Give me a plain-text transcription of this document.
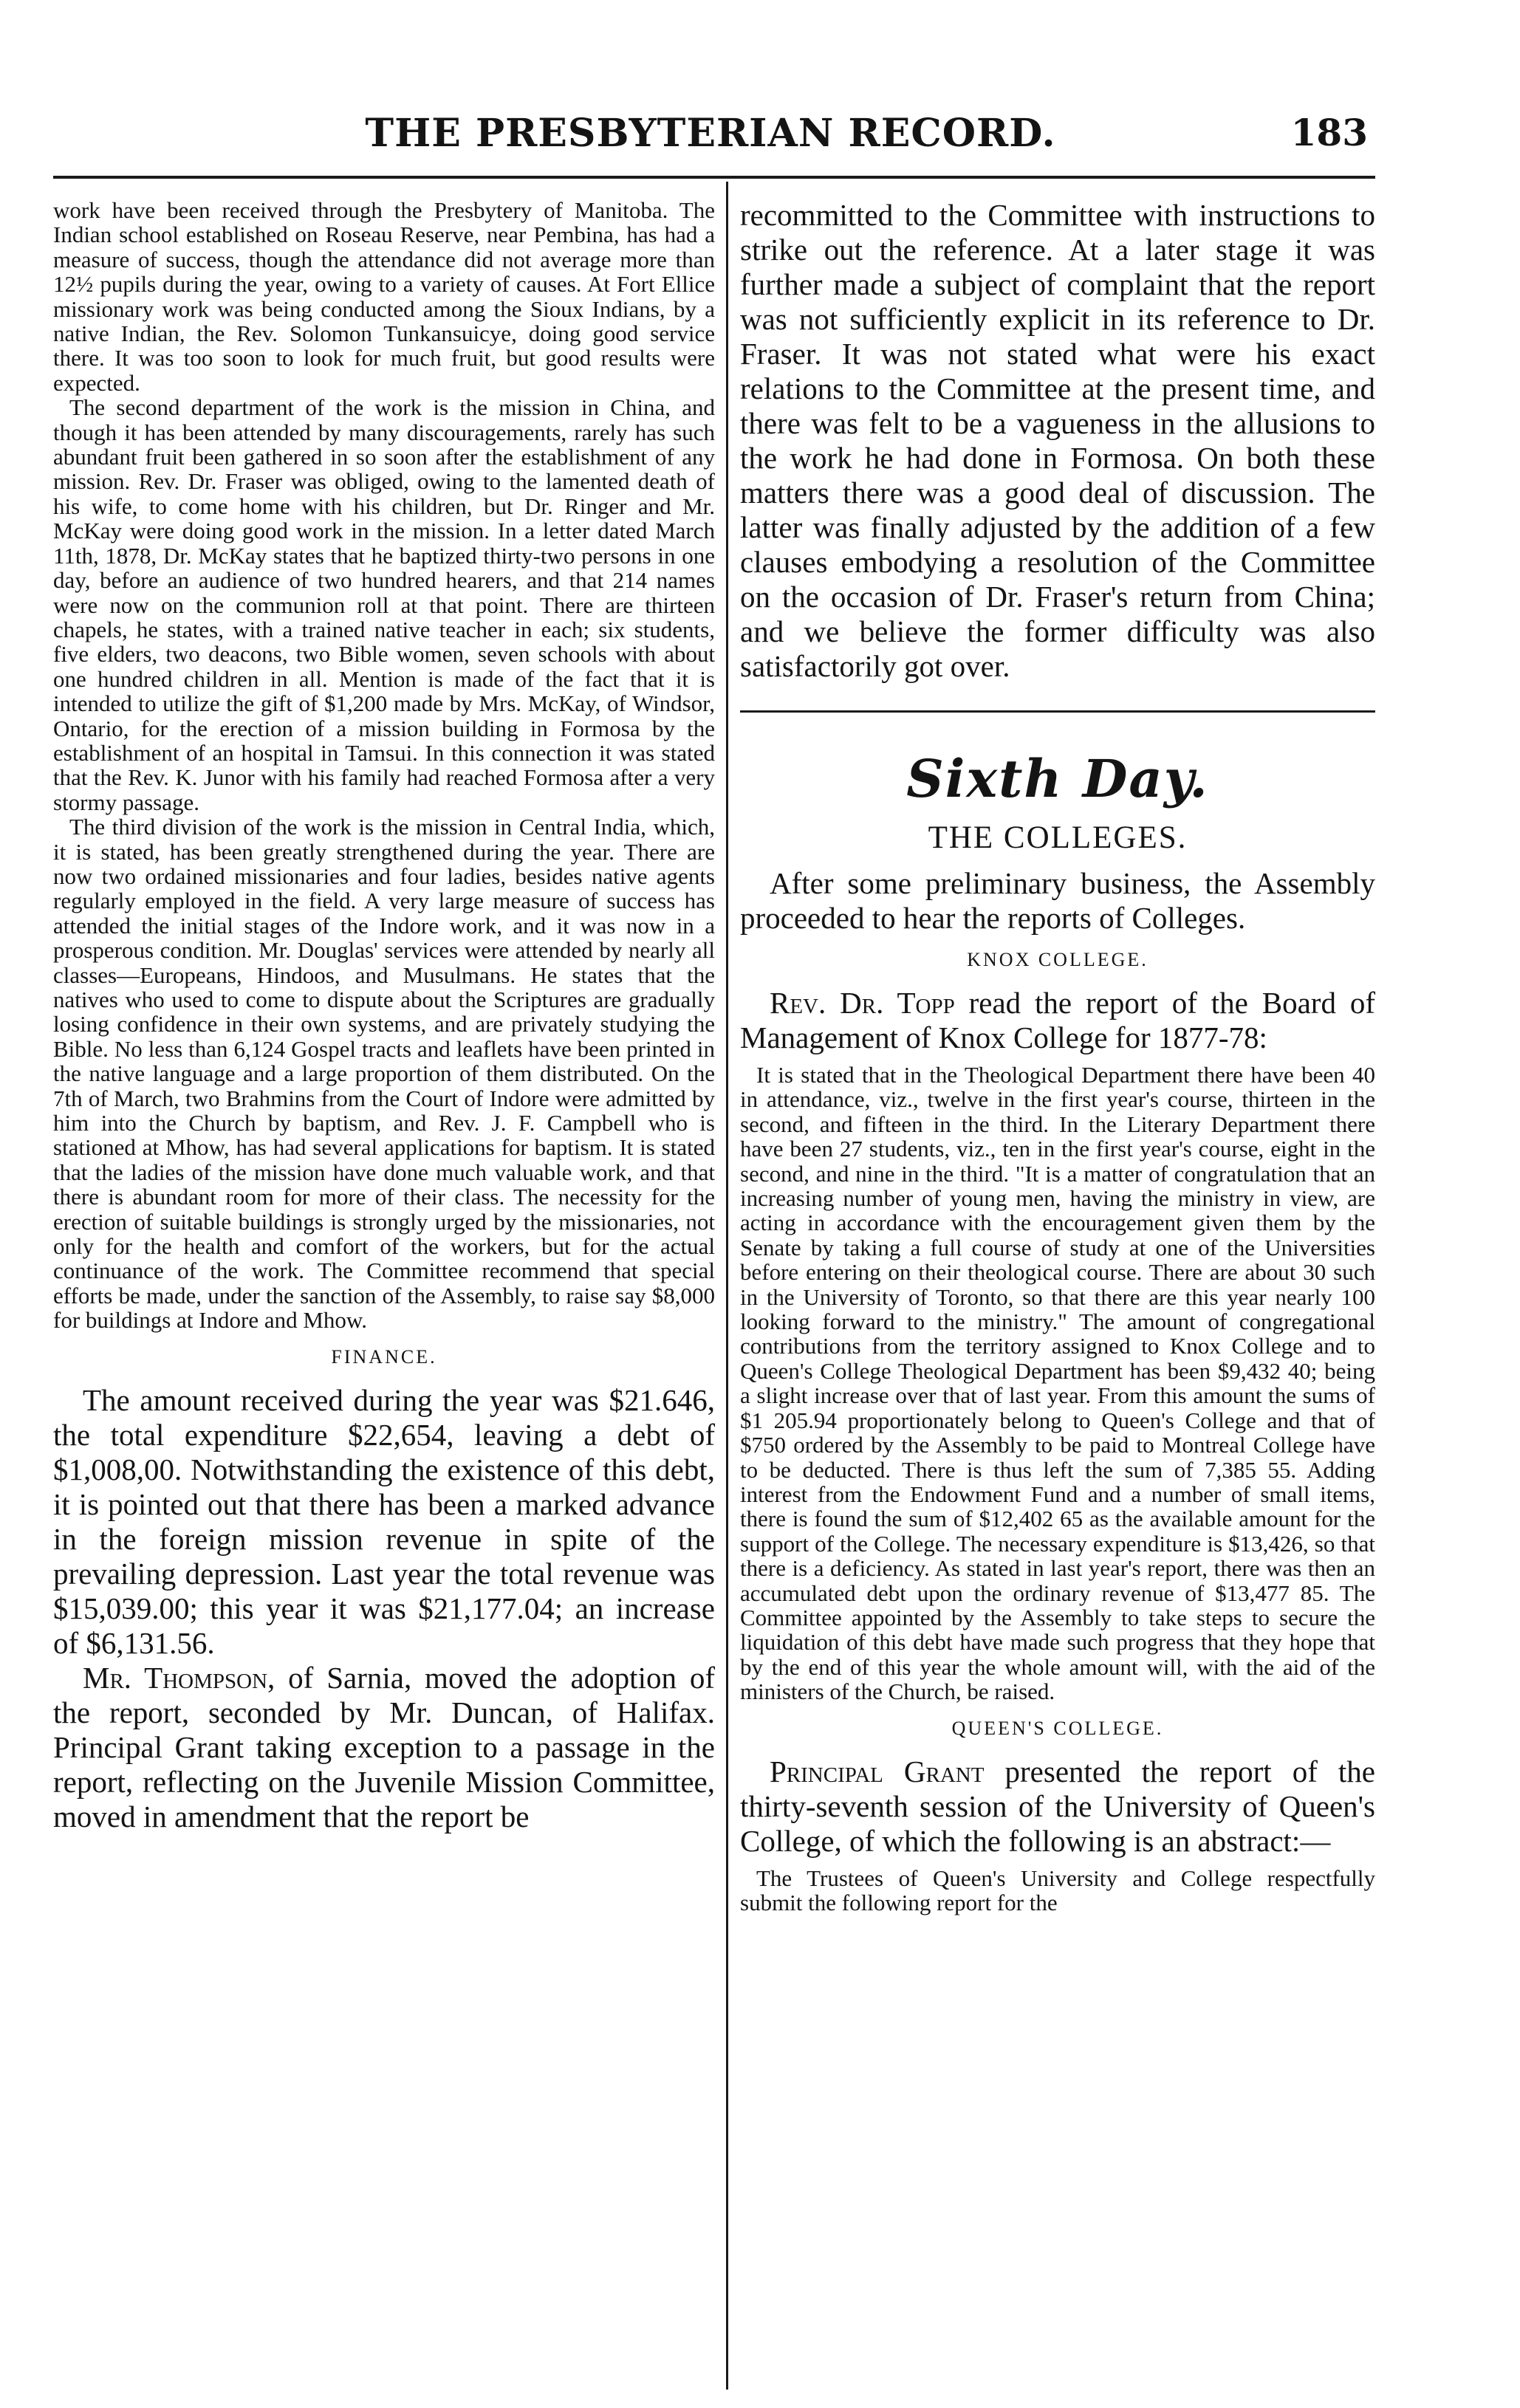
THE PRESBYTERIAN RECORD.	183

work have been received through the Presbytery of Manitoba. The Indian school established on Roseau Reserve, near Pembina, has had a measure of success, though the attendance did not average more than 12½ pupils during the year, owing to a variety of causes. At Fort Ellice missionary work was being conducted among the Sioux Indians, by a native Indian, the Rev. Solomon Tunkansuicye, doing good service there. It was too soon to look for much fruit, but good results were expected.

The second department of the work is the mission in China, and though it has been attended by many discouragements, rarely has such abundant fruit been gathered in so soon after the establishment of any mission. Rev. Dr. Fraser was obliged, owing to the lamented death of his wife, to come home with his children, but Dr. Ringer and Mr. McKay were doing good work in the mission. In a letter dated March 11th, 1878, Dr. McKay states that he baptized thirty-two persons in one day, before an audience of two hundred hearers, and that 214 names were now on the communion roll at that point. There are thirteen chapels, he states, with a trained native teacher in each; six students, five elders, two deacons, two Bible women, seven schools with about one hundred children in all. Mention is made of the fact that it is intended to utilize the gift of $1,200 made by Mrs. McKay, of Windsor, Ontario, for the erection of a mission building in Formosa by the establishment of an hospital in Tamsui. In this connection it was stated that the Rev. K. Junor with his family had reached Formosa after a very stormy passage.

The third division of the work is the mission in Central India, which, it is stated, has been greatly strengthened during the year. There are now two ordained missionaries and four ladies, besides native agents regularly employed in the field. A very large measure of success has attended the initial stages of the Indore work, and it was now in a prosperous condition. Mr. Douglas' services were attended by nearly all classes—Europeans, Hindoos, and Musulmans. He states that the natives who used to come to dispute about the Scriptures are gradually losing confidence in their own systems, and are privately studying the Bible. No less than 6,124 Gospel tracts and leaflets have been printed in the native language and a large proportion of them distributed. On the 7th of March, two Brahmins from the Court of Indore were admitted by him into the Church by baptism, and Rev. J. F. Campbell who is stationed at Mhow, has had several applications for baptism. It is stated that the ladies of the mission have done much valuable work, and that there is abundant room for more of their class. The necessity for the erection of suitable buildings is strongly urged by the missionaries, not only for the health and comfort of the workers, but for the actual continuance of the work. The Committee recommend that special efforts be made, under the sanction of the Assembly, to raise say $8,000 for buildings at Indore and Mhow.

FINANCE.

The amount received during the year was $21.646, the total expenditure $22,654, leaving a debt of $1,008,00. Notwithstanding the existence of this debt, it is pointed out that there has been a marked advance in the foreign mission revenue in spite of the prevailing depression. Last year the total revenue was $15,039.00; this year it was $21,177.04; an increase of $6,131.56.

Mr. Thompson, of Sarnia, moved the adoption of the report, seconded by Mr. Duncan, of Halifax. Principal Grant taking exception to a passage in the report, reflecting on the Juvenile Mission Committee, moved in amendment that the report be

recommitted to the Committee with instructions to strike out the reference. At a later stage it was further made a subject of complaint that the report was not sufficiently explicit in its reference to Dr. Fraser. It was not stated what were his exact relations to the Committee at the present time, and there was felt to be a vagueness in the allusions to the work he had done in Formosa. On both these matters there was a good deal of discussion. The latter was finally adjusted by the addition of a few clauses embodying a resolution of the Committee on the occasion of Dr. Fraser's return from China; and we believe the former difficulty was also satisfactorily got over.

Sixth Day.
THE COLLEGES.

After some preliminary business, the Assembly proceeded to hear the reports of Colleges.

KNOX COLLEGE.

Rev. Dr. Topp read the report of the Board of Management of Knox College for 1877-78:

It is stated that in the Theological Department there have been 40 in attendance, viz., twelve in the first year's course, thirteen in the second, and fifteen in the third. In the Literary Department there have been 27 students, viz., ten in the first year's course, eight in the second, and nine in the third. "It is a matter of congratulation that an increasing number of young men, having the ministry in view, are acting in accordance with the encouragement given them by the Senate by taking a full course of study at one of the Universities before entering on their theological course. There are about 30 such in the University of Toronto, so that there are this year nearly 100 looking forward to the ministry." The amount of congregational contributions from the territory assigned to Knox College and to Queen's College Theological Department has been $9,432 40; being a slight increase over that of last year. From this amount the sums of $1 205.94 proportionately belong to Queen's College and that of $750 ordered by the Assembly to be paid to Montreal College have to be deducted. There is thus left the sum of 7,385 55. Adding interest from the Endowment Fund and a number of small items, there is found the sum of $12,402 65 as the available amount for the support of the College. The necessary expenditure is $13,426, so that there is a deficiency. As stated in last year's report, there was then an accumulated debt upon the ordinary revenue of $13,477 85. The Committee appointed by the Assembly to take steps to secure the liquidation of this debt have made such progress that they hope that by the end of this year the whole amount will, with the aid of the ministers of the Church, be raised.

QUEEN'S COLLEGE.

Principal Grant presented the report of the thirty-seventh session of the University of Queen's College, of which the following is an abstract:—

The Trustees of Queen's University and College respectfully submit the following report for the
